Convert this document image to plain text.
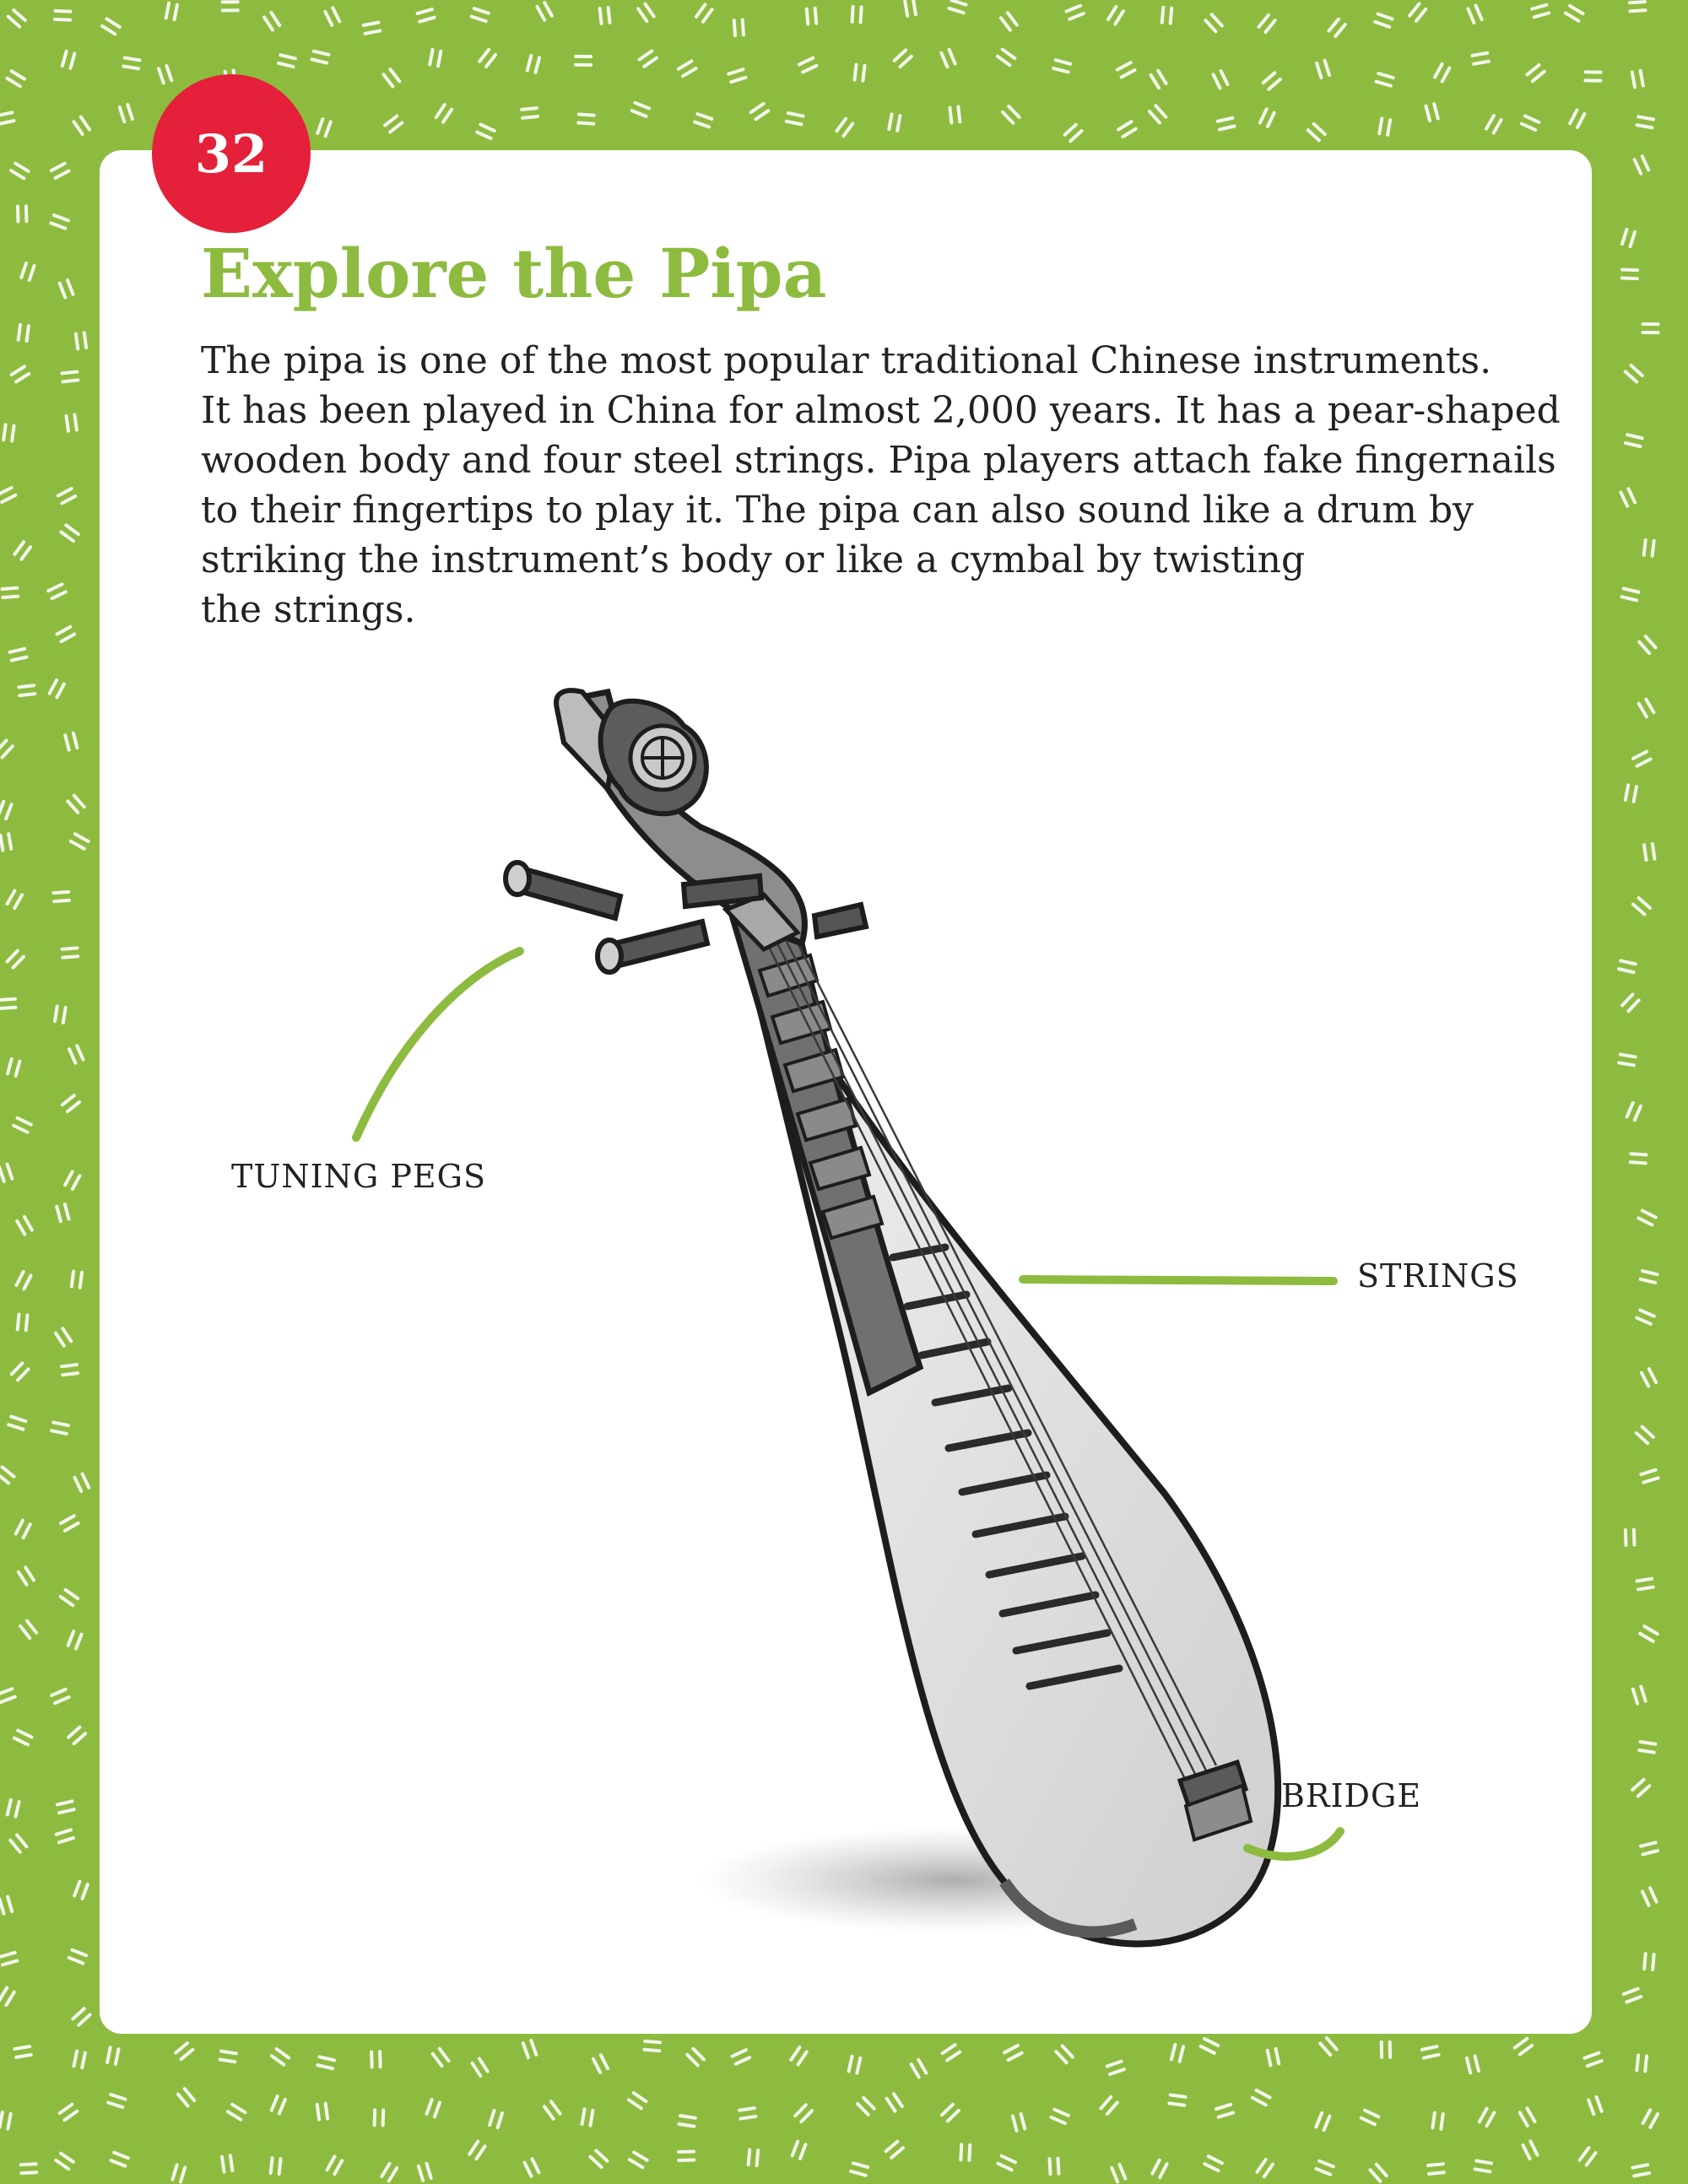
32
Explore the Pipa

The pipa is one of the most popular traditional Chinese instruments.
It has been played in China for almost 2,000 years. It has a pear-shaped
wooden body and four steel strings. Pipa players attach fake fingernails
to their fingertips to play it. The pipa can also sound like a drum by
striking the instrument’s body or like a cymbal by twisting
the strings.

TUNING PEGS
STRINGS
BRIDGE
